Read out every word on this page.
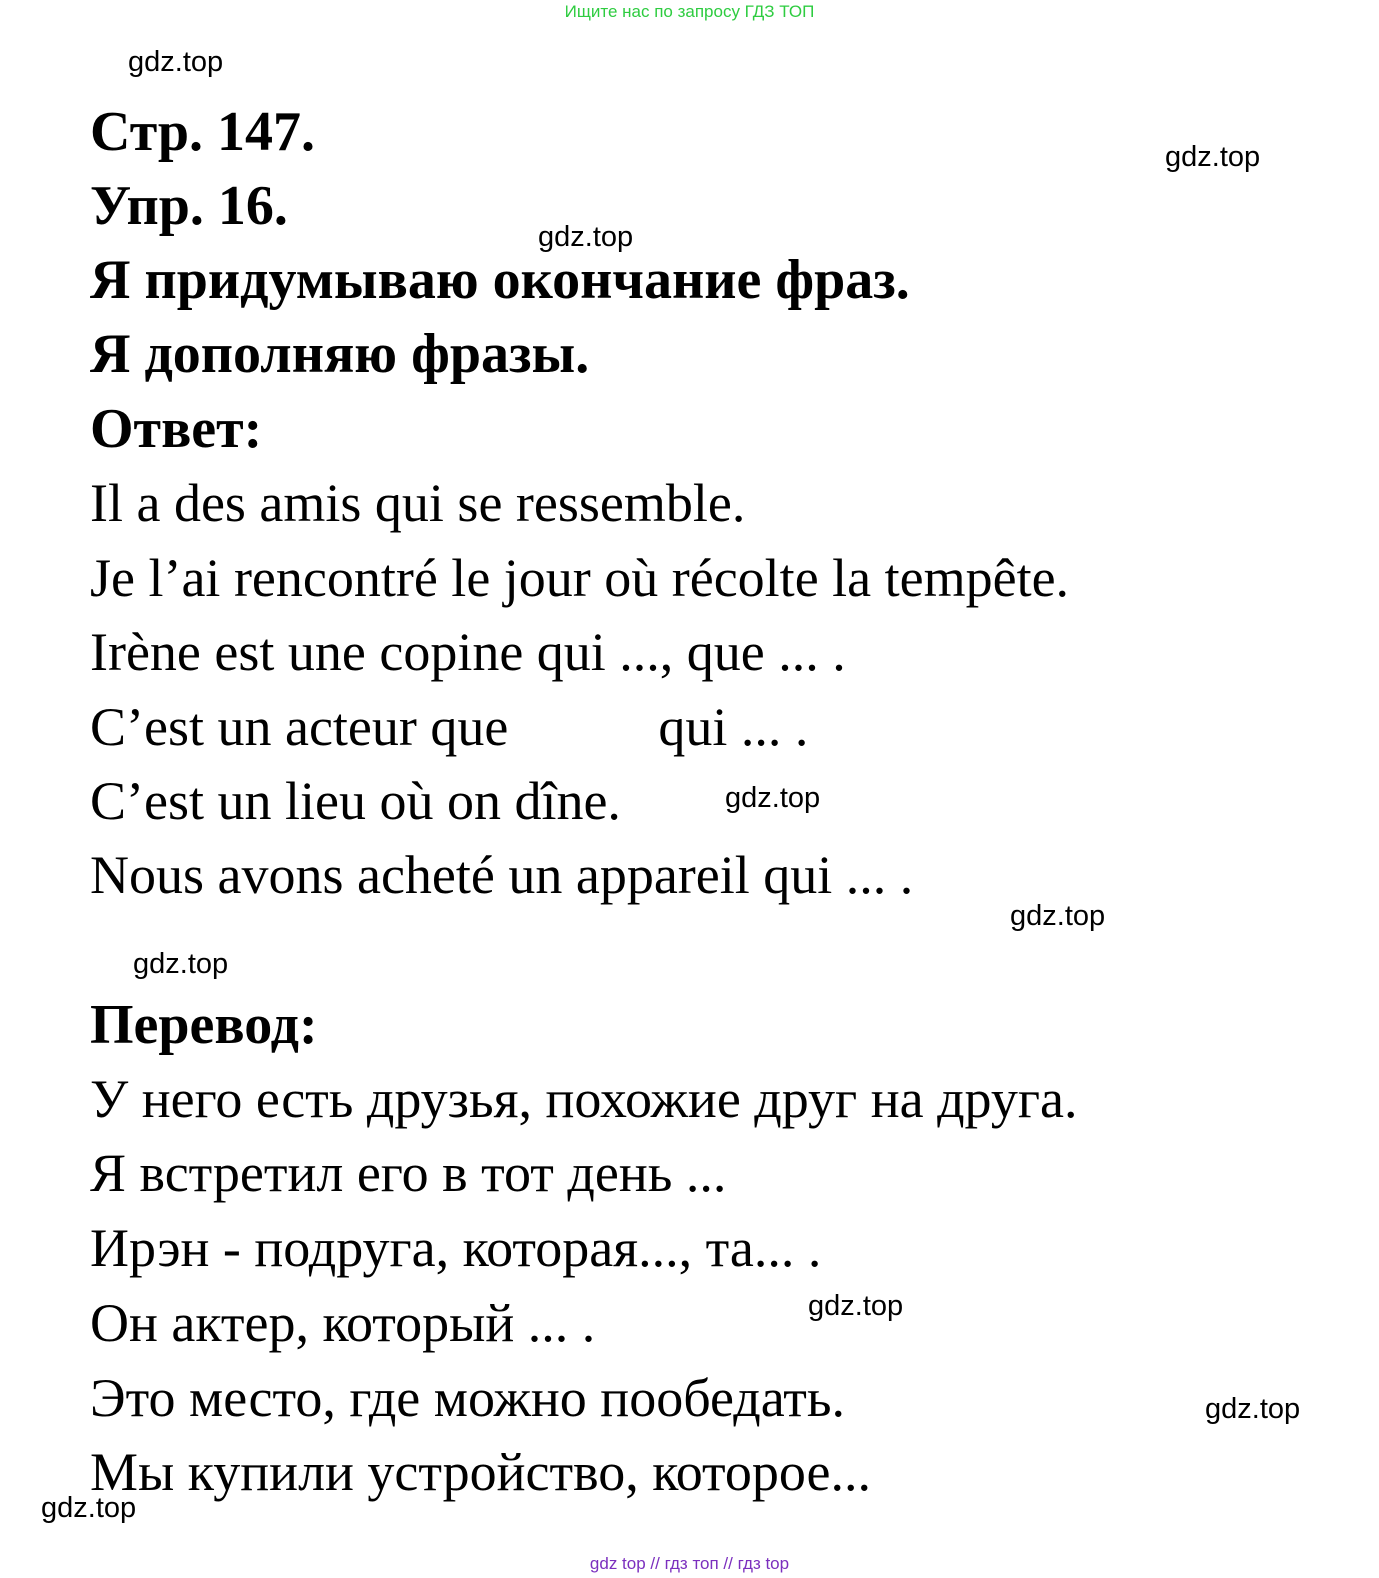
Ищите нас по запросу ГДЗ ТОП
gdz.top
gdz.top
gdz.top
gdz.top
gdz.top
gdz.top
gdz.top
gdz.top
gdz.top
Стр. 147.
Упр. 16.
Я придумываю окончание фраз.
Я дополняю фразы.
Ответ:
Il a des amis qui se ressemble.
Je l’ai rencontré le jour où récolte la tempête.
Irène est une copine qui ..., que ... .
C’est un acteur que	qui ... .
C’est un lieu où on dîne.
Nous avons acheté un appareil qui ... .
Перевод:
У него есть друзья, похожие друг на друга.
Я встретил его в тот день ...
Ирэн - подруга, которая..., та... .
Он актер, который ... .
Это место, где можно пообедать.
Мы купили устройство, которое...
gdz top // гдз топ // гдз top
